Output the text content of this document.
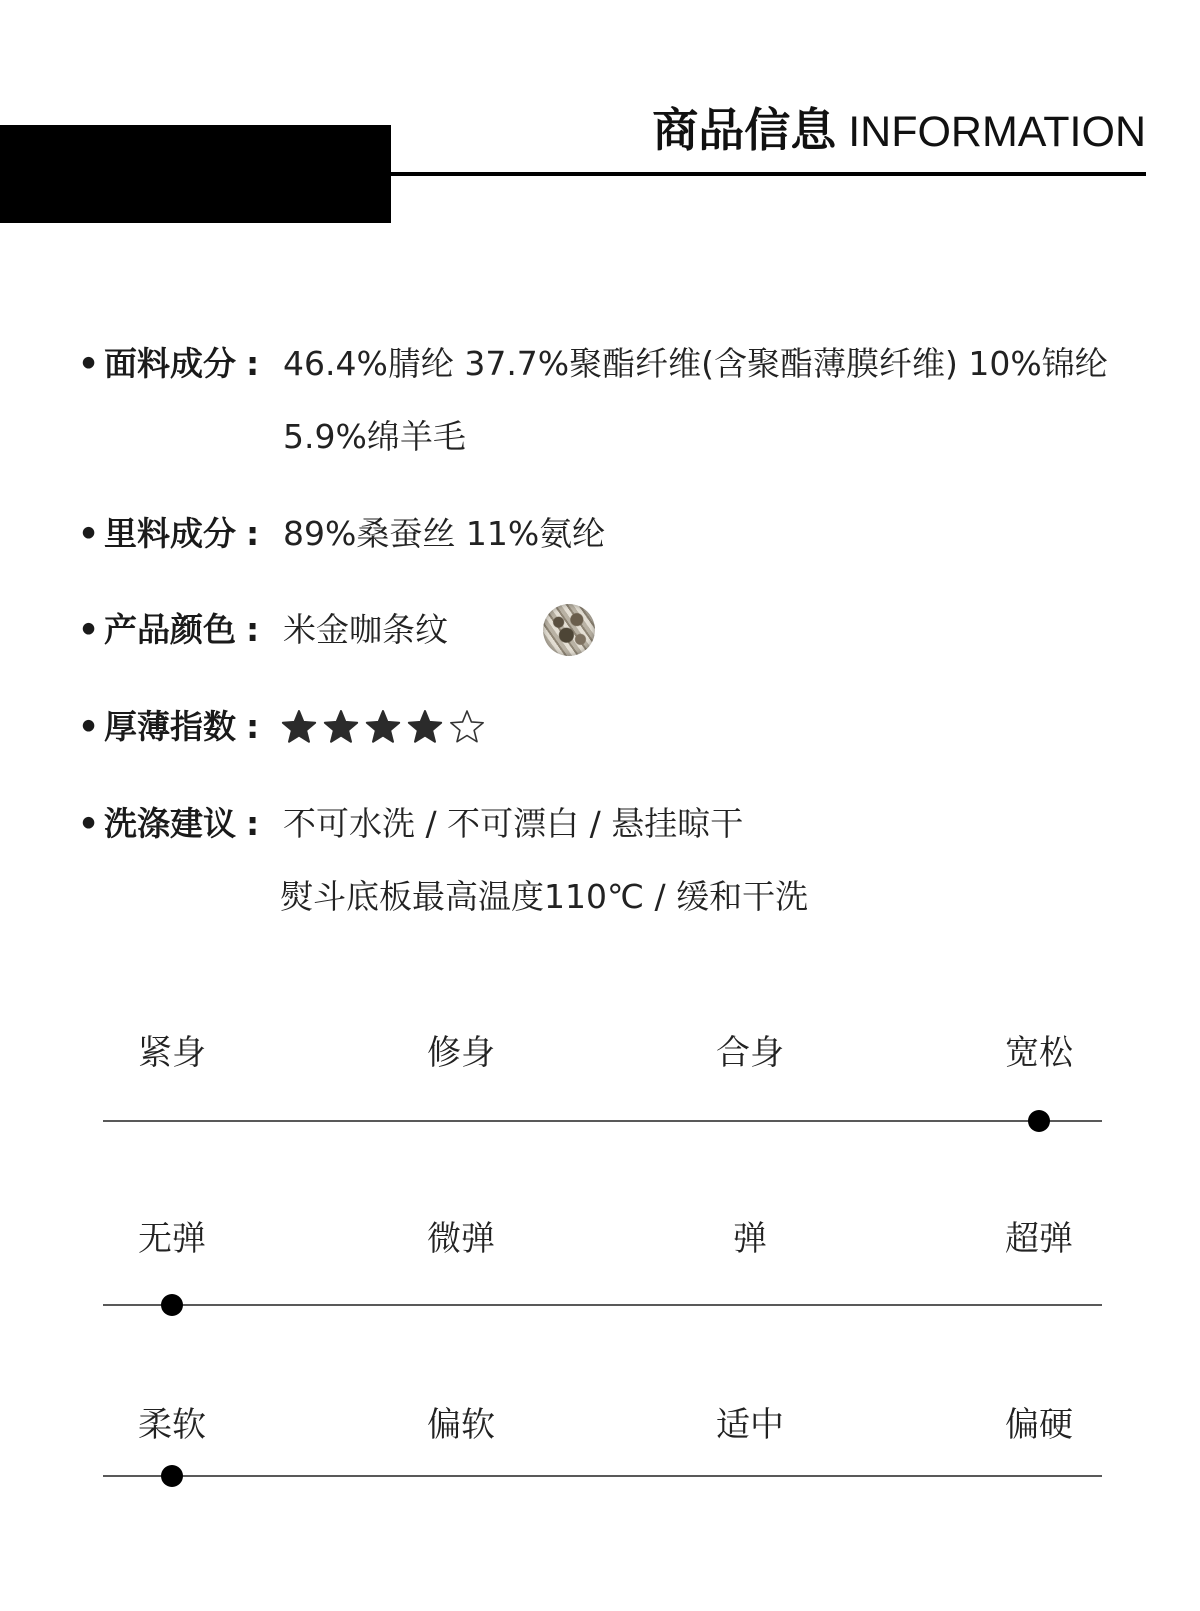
商品信息 INFORMATION
• 面料成分 : 46.4%腈纶 37.7%聚酯纤维(含聚酯薄膜纤维) 10%锦纶
5.9%绵羊毛
• 里料成分 : 89%桑蚕丝 11%氨纶
• 产品颜色 : 米金咖条纹
• 厚薄指数 :
• 洗涤建议 : 不可水洗 / 不可漂白 / 悬挂晾干
熨斗底板最高温度110℃ / 缓和干洗
紧身	修身	合身	宽松
无弹	微弹	弹	超弹
柔软	偏软	适中	偏硬
